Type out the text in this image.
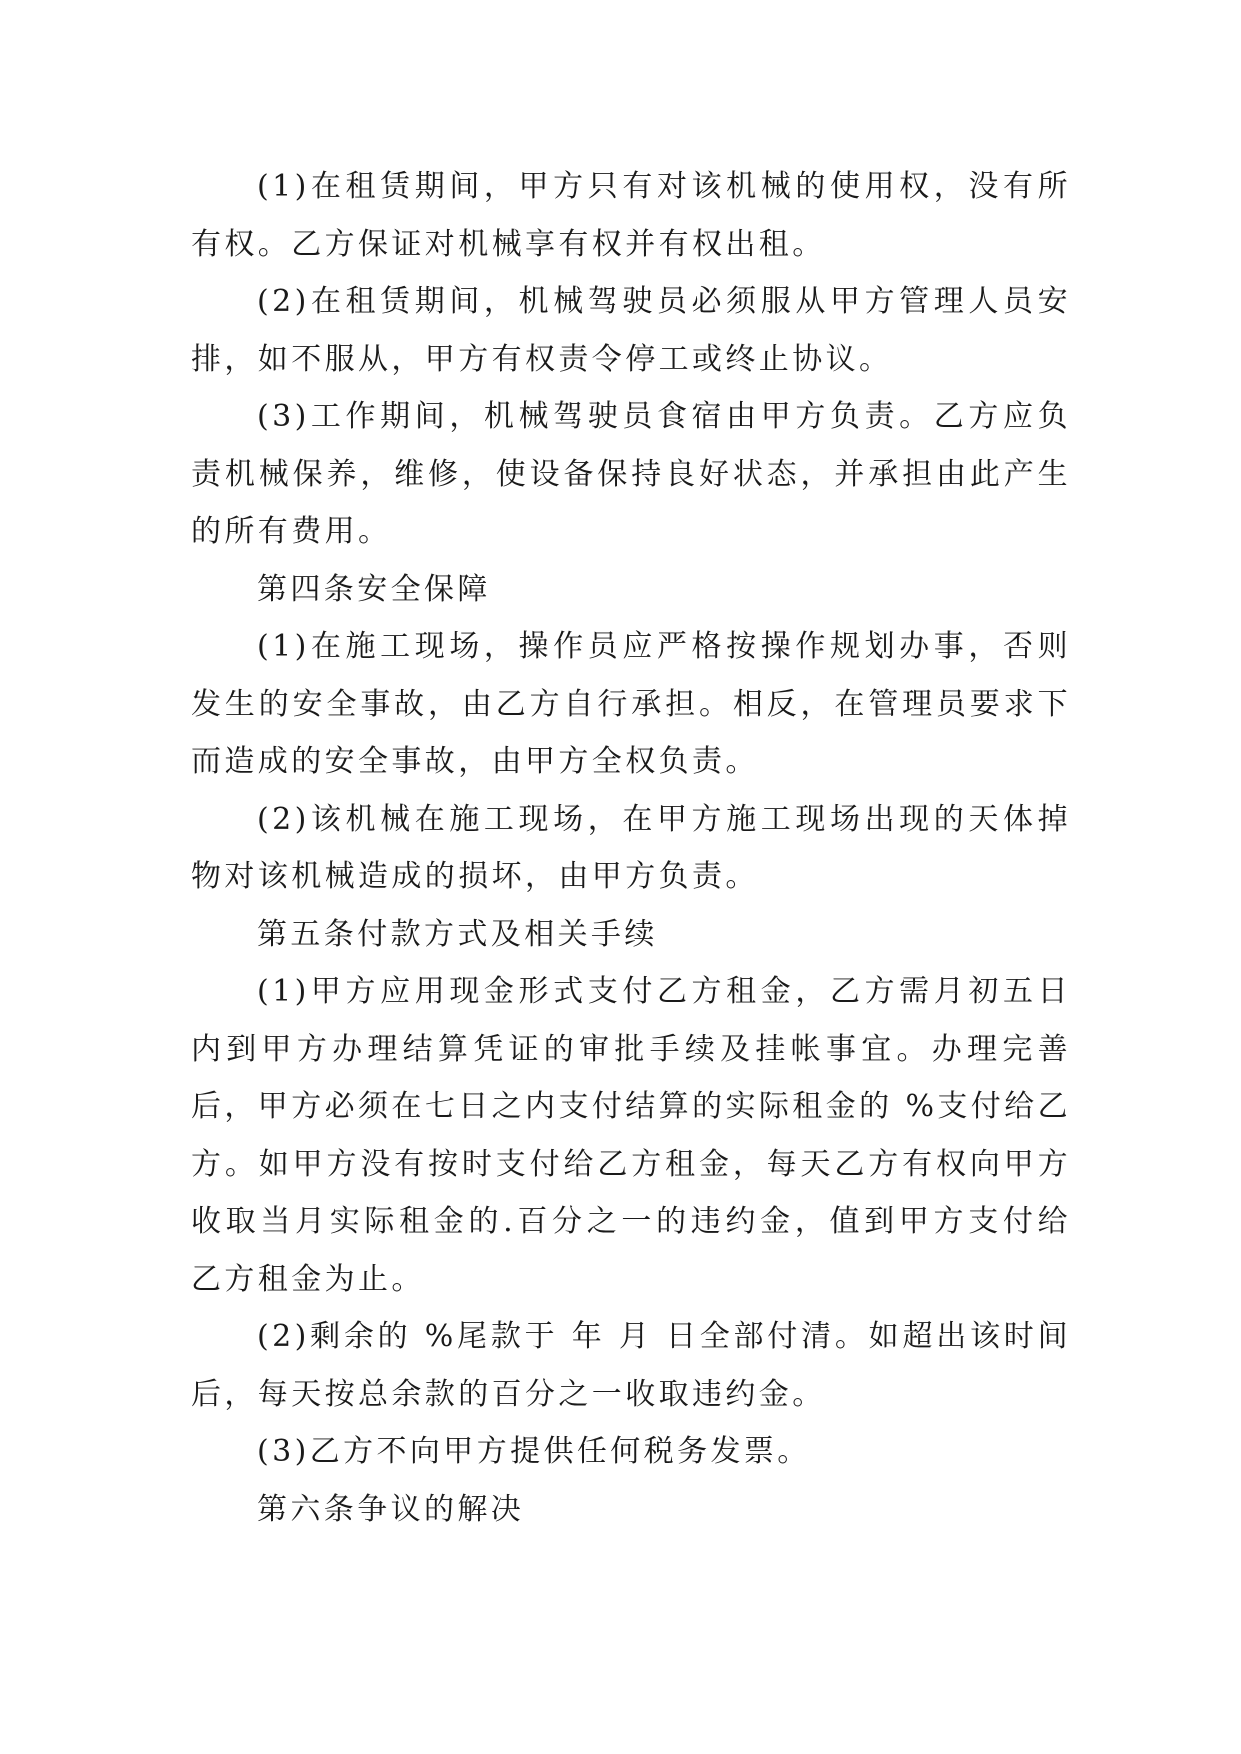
(1)在租赁期间，甲方只有对该机械的使用权，没有所有权。乙方保证对机械享有权并有权出租。

(2)在租赁期间，机械驾驶员必须服从甲方管理人员安排，如不服从，甲方有权责令停工或终止协议。

(3)工作期间，机械驾驶员食宿由甲方负责。乙方应负责机械保养，维修，使设备保持良好状态，并承担由此产生的所有费用。

第四条安全保障

(1)在施工现场，操作员应严格按操作规划办事，否则发生的安全事故，由乙方自行承担。相反，在管理员要求下而造成的安全事故，由甲方全权负责。

(2)该机械在施工现场，在甲方施工现场出现的天体掉物对该机械造成的损坏，由甲方负责。

第五条付款方式及相关手续

(1)甲方应用现金形式支付乙方租金，乙方需月初五日内到甲方办理结算凭证的审批手续及挂帐事宜。办理完善后，甲方必须在七日之内支付结算的实际租金的 %支付给乙方。如甲方没有按时支付给乙方租金，每天乙方有权向甲方收取当月实际租金的.百分之一的违约金，值到甲方支付给乙方租金为止。

(2)剩余的 %尾款于 年 月 日全部付清。如超出该时间后，每天按总余款的百分之一收取违约金。

(3)乙方不向甲方提供任何税务发票。

第六条争议的解决
